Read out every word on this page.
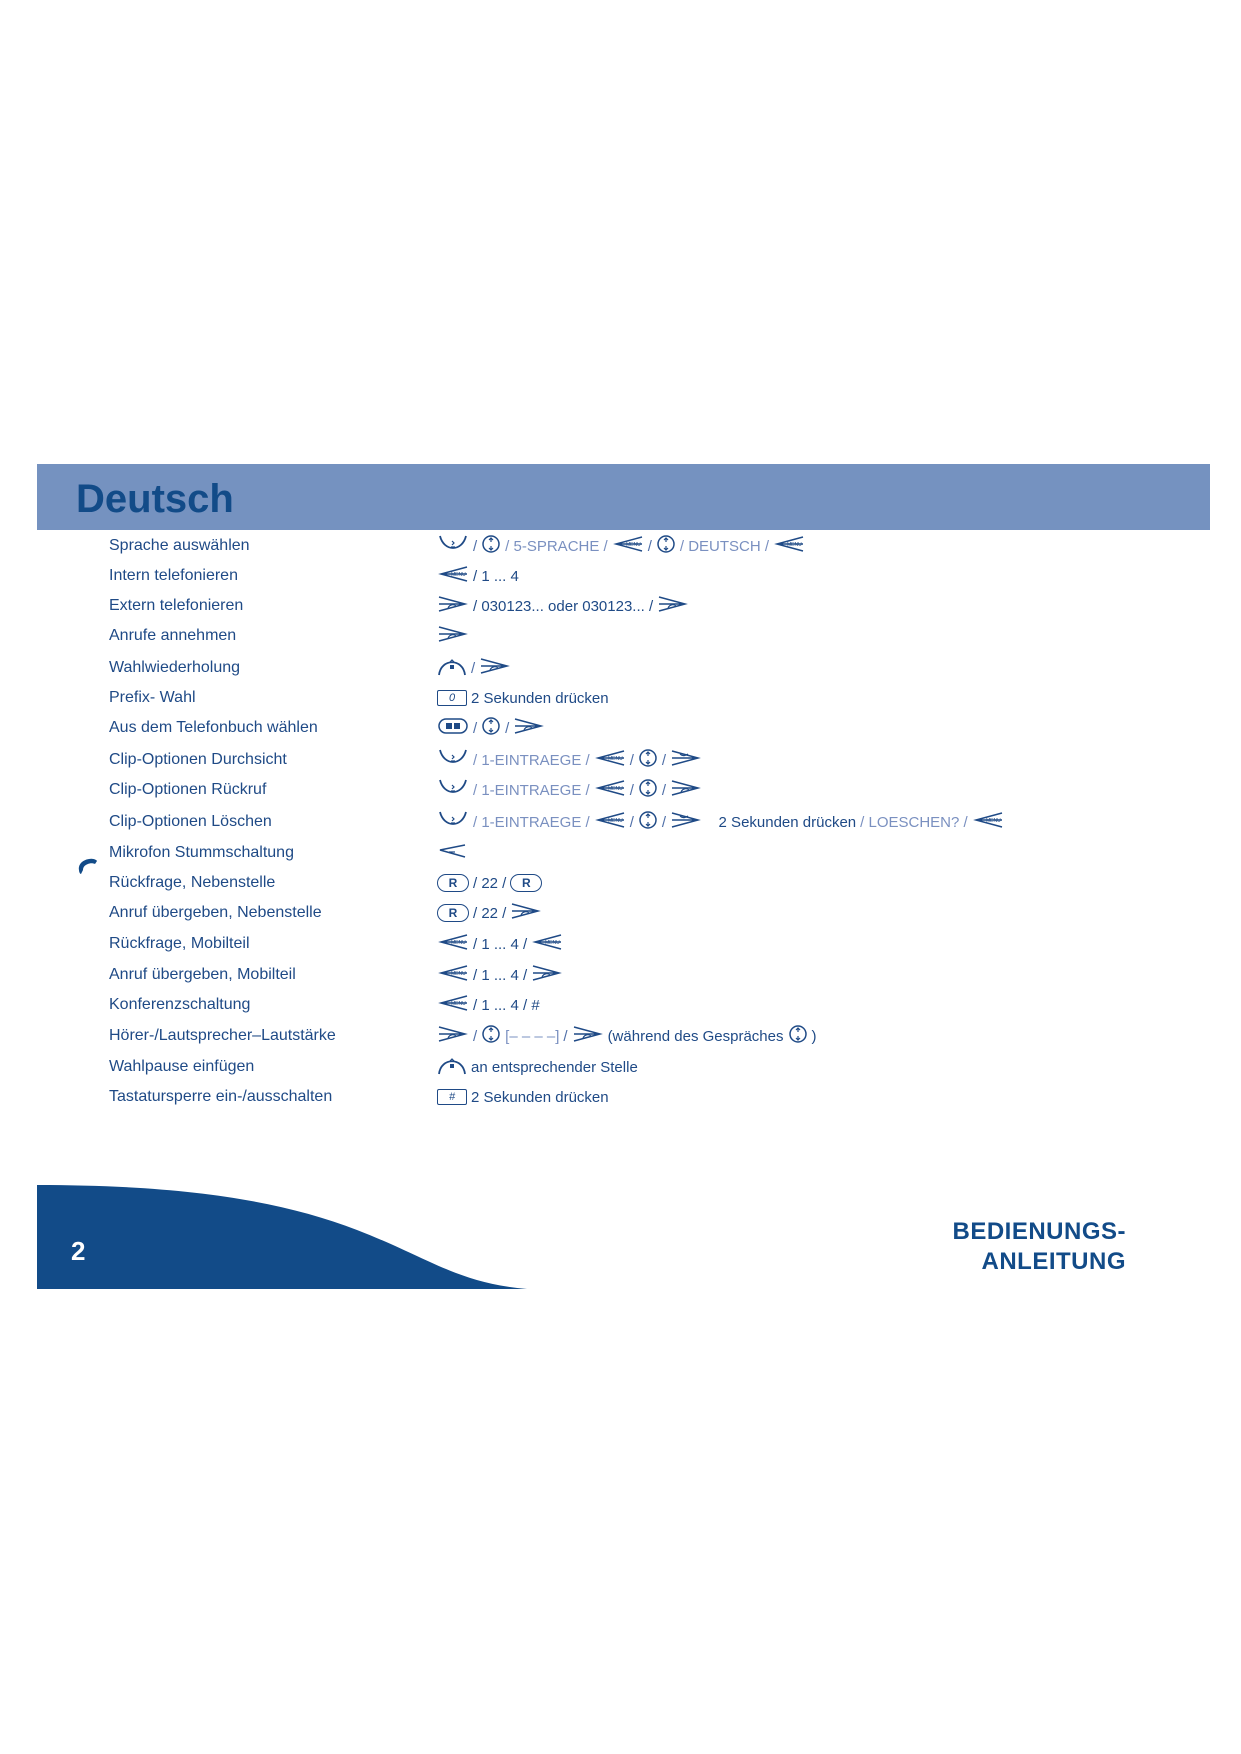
Deutsch
Sprache auswählen	/ / 5-SPRACHE /	MENU / / DEUTSCH /	MENU
Intern telefonieren	MENU / 1 ... 4
Extern telefonieren	/ 030123... oder 030123... /
Anrufe annehmen
Wahlwiederholung	/
Prefix- Wahl	0	2 Sekunden drücken
Aus dem Telefonbuch wählen	/ /
Clip-Optionen Durchsicht	/ 1-EINTRAEGE /	MENU / /
Clip-Optionen Rückruf	/ 1-EINTRAEGE /	MENU / /
Clip-Optionen Löschen	/ 1-EINTRAEGE /	MENU / /	2 Sekunden drücken / LOESCHEN? /	MENU
Mikrofon Stummschaltung
Rückfrage, Nebenstelle	R	/ 22 /	R
Anruf übergeben, Nebenstelle	R	/ 22 /
Rückfrage, Mobilteil	MENU / 1 ... 4 /	MENU
Anruf übergeben, Mobilteil	MENU / 1 ... 4 /
Konferenzschaltung	MENU / 1 ... 4 / #
Hörer-/Lautsprecher–Lautstärke	/ [– – – –] /	(während des Gespräches )
Wahlpause einfügen	an entsprechender Stelle
Tastatursperre ein-/ausschalten	#	2 Sekunden drücken
2
BEDIENUNGS-
ANLEITUNG
